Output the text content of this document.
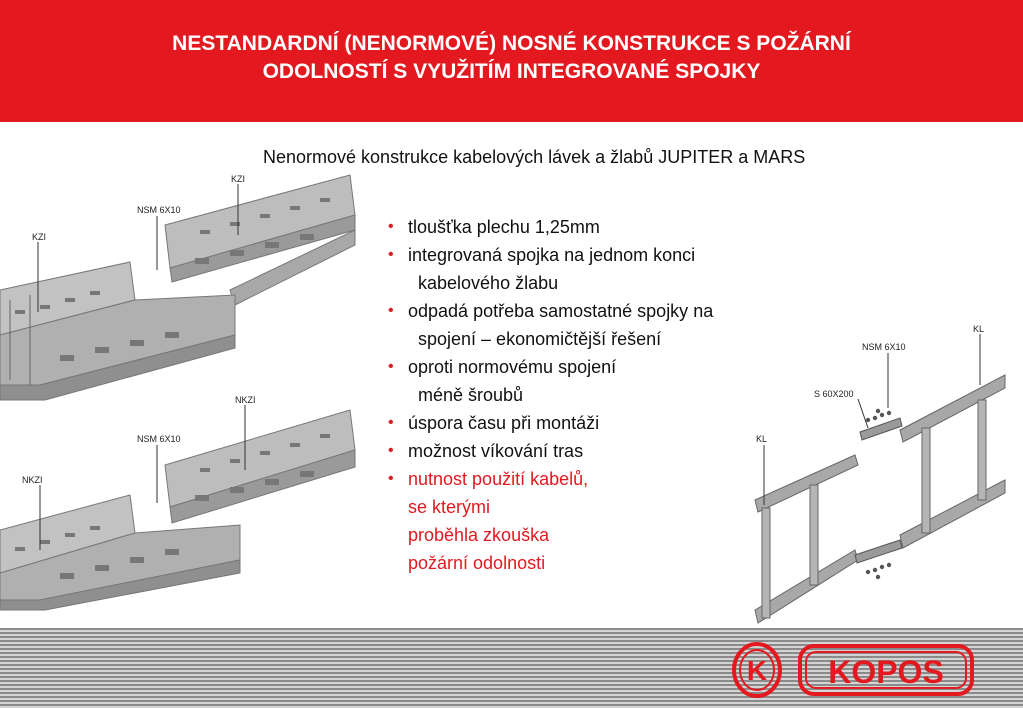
NESTANDARDNÍ (NENORMOVÉ) NOSNÉ KONSTRUKCE S POŽÁRNÍ
ODOLNOSTÍ S VYUŽITÍM INTEGROVANÉ SPOJKY
Nenormové konstrukce kabelových lávek a žlabů JUPITER a MARS
KZI
NSM 6X10
KZI
NKZI
NSM 6X10
NKZI
KL
NSM 6X10
S 60X200
KL
• tloušťka plechu 1,25mm
• integrovaná spojka na jednom konci
kabelového žlabu
• odpadá potřeba samostatné spojky na
spojení – ekonomičtější řešení
• oproti normovému spojení
méně šroubů
• úspora času při montáži
• možnost víkování tras
• nutnost použití kabelů,
se kterými
proběhla zkouška
požární odolnosti
K KOPOS
